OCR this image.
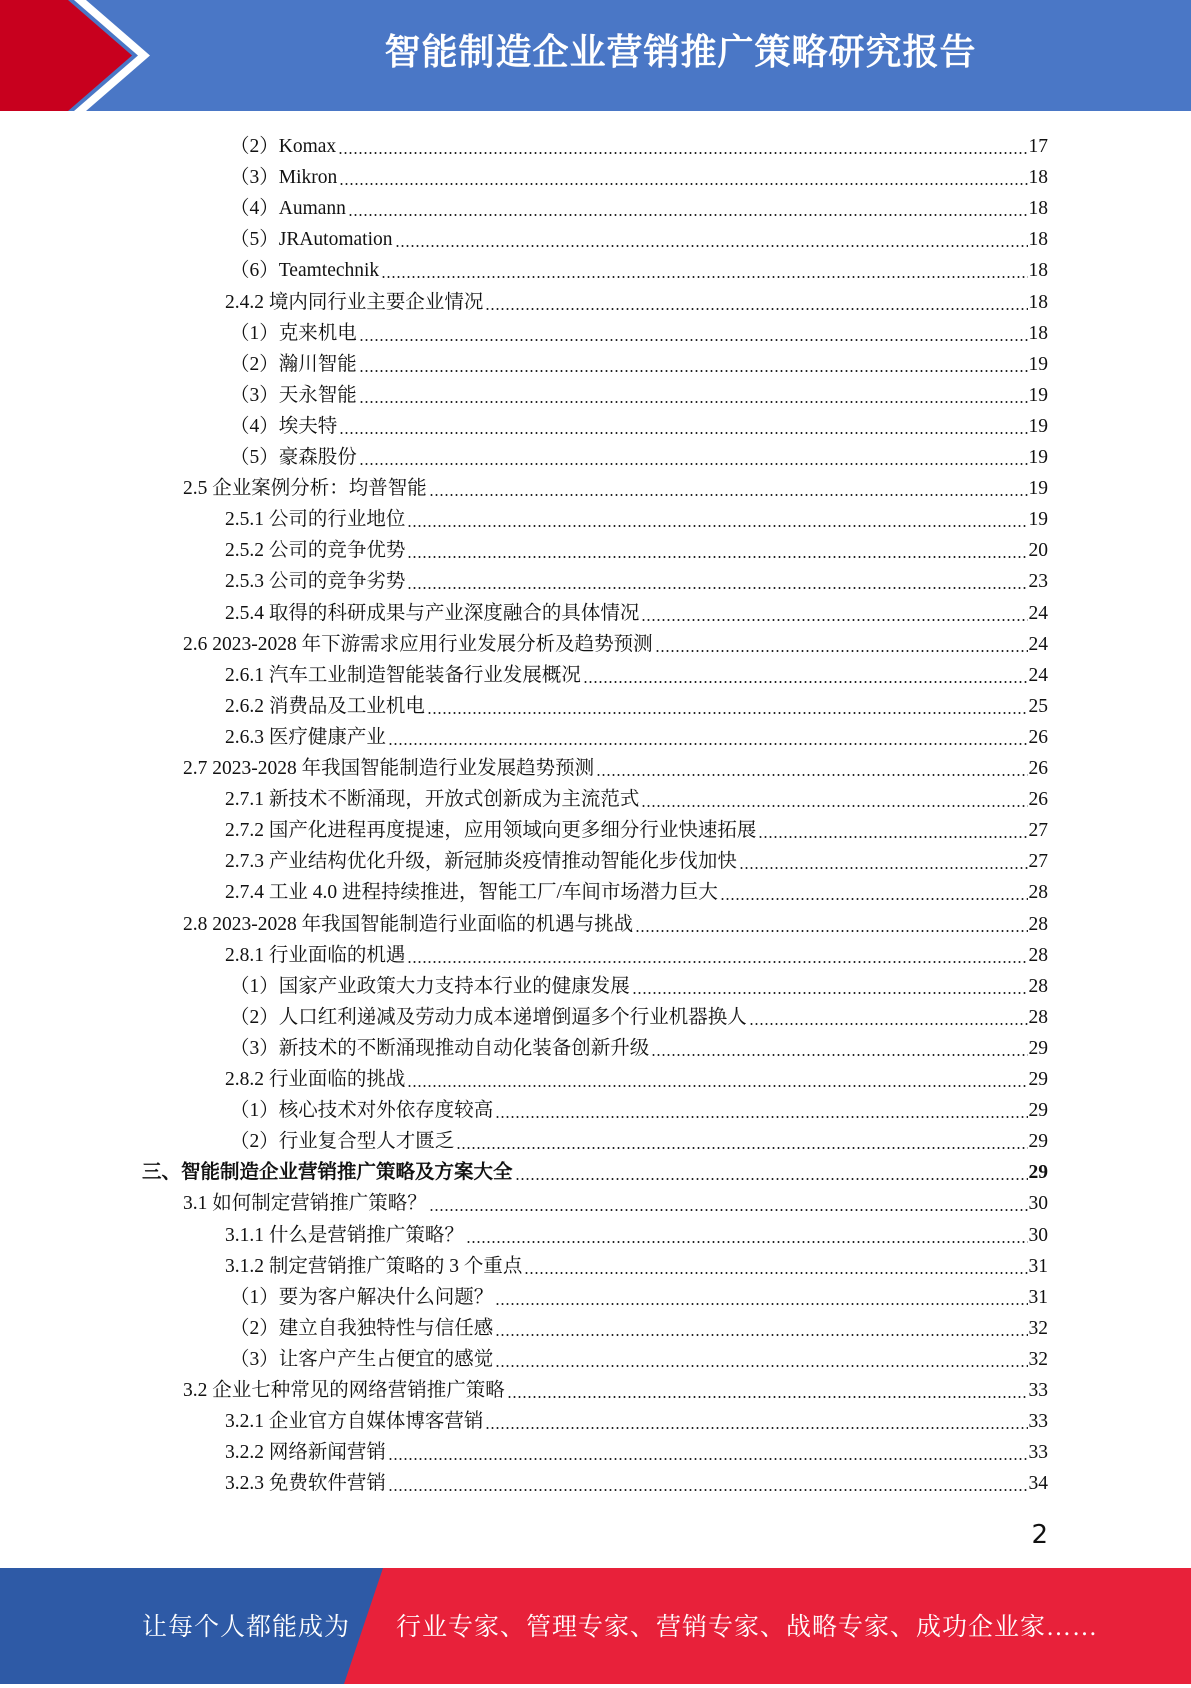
智能制造企业营销推广策略研究报告
（2）Komax	17
（3）Mikron	18
（4）Aumann	18
（5）JRAutomation	18
（6）Teamtechnik	18
2.4.2 境内同行业主要企业情况	18
（1）克来机电	18
（2）瀚川智能	19
（3）天永智能	19
（4）埃夫特	19
（5）豪森股份	19
2.5 企业案例分析：均普智能	19
2.5.1 公司的行业地位	19
2.5.2 公司的竞争优势	20
2.5.3 公司的竞争劣势	23
2.5.4 取得的科研成果与产业深度融合的具体情况	24
2.6 2023-2028 年下游需求应用行业发展分析及趋势预测	24
2.6.1 汽车工业制造智能装备行业发展概况	24
2.6.2 消费品及工业机电	25
2.6.3 医疗健康产业	26
2.7 2023-2028 年我国智能制造行业发展趋势预测	26
2.7.1 新技术不断涌现，开放式创新成为主流范式	26
2.7.2 国产化进程再度提速，应用领域向更多细分行业快速拓展	27
2.7.3 产业结构优化升级，新冠肺炎疫情推动智能化步伐加快	27
2.7.4 工业 4.0 进程持续推进，智能工厂/车间市场潜力巨大	28
2.8 2023-2028 年我国智能制造行业面临的机遇与挑战	28
2.8.1 行业面临的机遇	28
（1）国家产业政策大力支持本行业的健康发展	28
（2）人口红利递减及劳动力成本递增倒逼多个行业机器换人	28
（3）新技术的不断涌现推动自动化装备创新升级	29
2.8.2 行业面临的挑战	29
（1）核心技术对外依存度较高	29
（2）行业复合型人才匮乏	29
三、智能制造企业营销推广策略及方案大全	29
3.1 如何制定营销推广策略？	30
3.1.1 什么是营销推广策略？	30
3.1.2 制定营销推广策略的 3 个重点	31
（1）要为客户解决什么问题？	31
（2）建立自我独特性与信任感	32
（3）让客户产生占便宜的感觉	32
3.2 企业七种常见的网络营销推广策略	33
3.2.1 企业官方自媒体博客营销	33
3.2.2 网络新闻营销	33
3.2.3 免费软件营销	34
2
让每个人都能成为 行业专家、管理专家、营销专家、战略专家、成功企业家……
